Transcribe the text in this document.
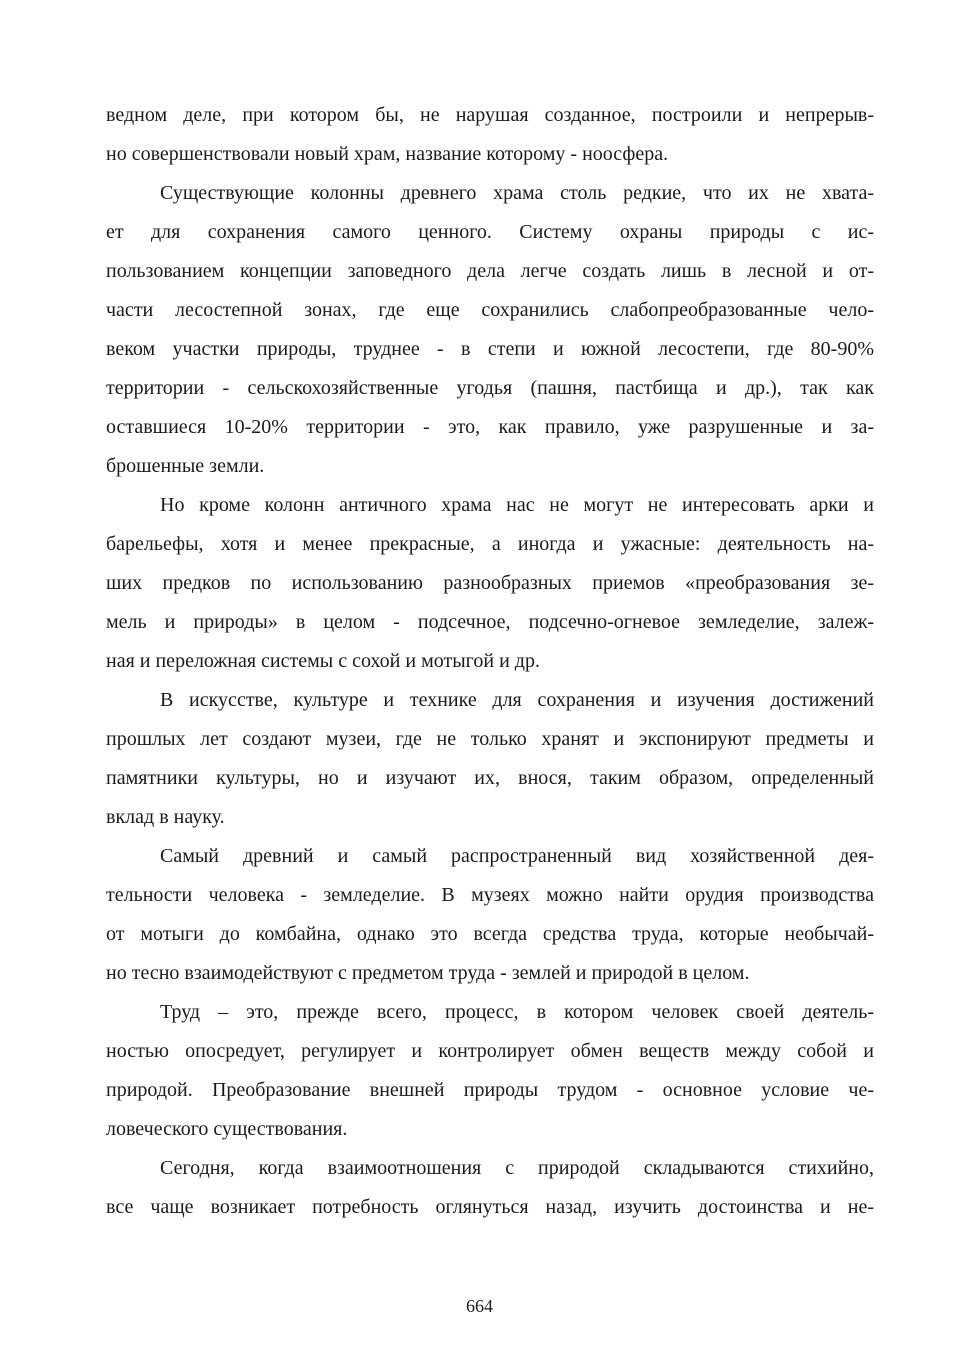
ведном деле, при котором бы, не нарушая созданное, построили и непрерыв-
но совершенствовали новый храм, название которому - ноосфера.

Существующие колонны древнего храма столь редкие, что их не хвата-
ет для сохранения самого ценного. Систему охраны природы с ис-
пользованием концепции заповедного дела легче создать лишь в лесной и от-
части лесостепной зонах, где еще сохранились слабопреобразованные чело-
веком участки природы, труднее - в степи и южной лесостепи, где 80-90%
территории - сельскохозяйственные угодья (пашня, пастбища и др.), так как
оставшиеся 10-20% территории - это, как правило, уже разрушенные и за-
брошенные земли.

Но кроме колонн античного храма нас не могут не интересовать арки и
барельефы, хотя и менее прекрасные, а иногда и ужасные: деятельность на-
ших предков по использованию разнообразных приемов «преобразования зе-
мель и природы» в целом - подсечное, подсечно-огневое земледелие, залеж-
ная и переложная системы с сохой и мотыгой и др.

В искусстве, культуре и технике для сохранения и изучения достижений
прошлых лет создают музеи, где не только хранят и экспонируют предметы и
памятники культуры, но и изучают их, внося, таким образом, определенный
вклад в науку.

Самый древний и самый распространенный вид хозяйственной дея-
тельности человека - земледелие. В музеях можно найти орудия производства
от мотыги до комбайна, однако это всегда средства труда, которые необычай-
но тесно взаимодействуют с предметом труда - землей и природой в целом.

Труд – это, прежде всего, процесс, в котором человек своей деятель-
ностью опосредует, регулирует и контролирует обмен веществ между собой и
природой. Преобразование внешней природы трудом - основное условие че-
ловеческого существования.

Сегодня, когда взаимоотношения с природой складываются стихийно,
все чаще возникает потребность оглянуться назад, изучить достоинства и не-

664
